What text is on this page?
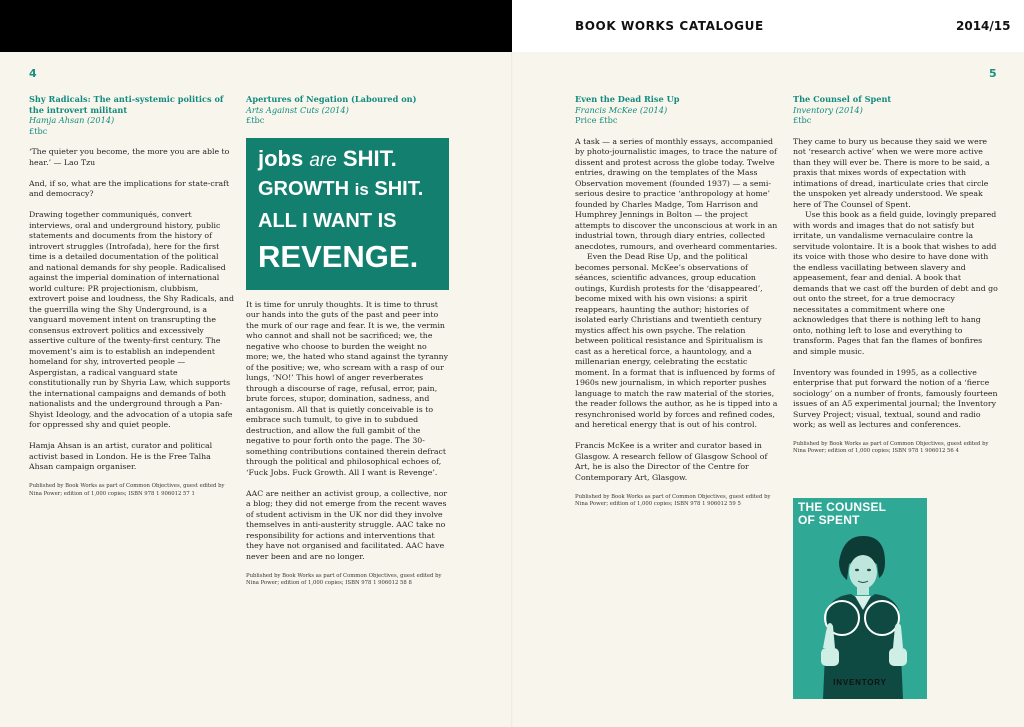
BOOK WORKS CATALOGUE	2014/15
4	5
Shy Radicals: The anti-systemic politics of the introvert militant
Hamja Ahsan (2014)
£tbc

‘The quieter you become, the more you are able to hear.’ — Lao Tzu

And, if so, what are the implications for state-craft and democracy?

Drawing together communiqués, convert interviews, oral and underground history, public statements and documents from the history of introvert struggles (Introfada), here for the first time is a detailed documentation of the political and national demands for shy people. Radicalised against the imperial domination of international world culture: PR projectionism, clubbism, extrovert poise and loudness, the Shy Radicals, and the guerrilla wing the Shy Underground, is a vanguard movement intent on transrupting the consensus extrovert politics and excessively assertive culture of the twenty-first century. The movement’s aim is to establish an independent homeland for shy, introverted people — Aspergistan, a radical vanguard state constitutionally run by Shyria Law, which supports the international campaigns and demands of both nationalists and the underground through a Pan-Shyist Ideology, and the advocation of a utopia safe for oppressed shy and quiet people.

Hamja Ahsan is an artist, curator and political activist based in London. He is the Free Talha Ahsan campaign organiser.

Published by Book Works as part of Common Objectives, guest edited by Nina Power; edition of 1,000 copies; ISBN 978 1 906012 57 1
Apertures of Negation (Laboured on)
Arts Against Cuts (2014)
£tbc
jobs are SHIT.
GROWTH is SHIT.
ALL I WANT IS
REVENGE.

It is time for unruly thoughts. It is time to thrust our hands into the guts of the past and peer into the murk of our rage and fear. It is we, the vermin who cannot and shall not be sacrificed; we, the negative who choose to burden the weight no more; we, the hated who stand against the tyranny of the positive; we, who scream with a rasp of our lungs, ‘NO!’ This howl of anger reverberates through a discourse of rage, refusal, error, pain, brute forces, stupor, domination, sadness, and antagonism. All that is quietly conceivable is to embrace such tumult, to give in to subdued destruction, and allow the full gambit of the negative to pour forth onto the page. The 30-something contributions contained therein defract through the political and philosophical echoes of, ‘Fuck Jobs. Fuck Growth. All I want is Revenge’.

AAC are neither an activist group, a collective, nor a blog; they did not emerge from the recent waves of student activism in the UK nor did they involve themselves in anti-austerity struggle. AAC take no responsibility for actions and interventions that they have not organised and facilitated. AAC have never been and are no longer.

Published by Book Works as part of Common Objectives, guest edited by Nina Power; edition of 1,000 copies; ISBN 978 1 906012 58 8
Even the Dead Rise Up
Francis McKee (2014)
Price £tbc

A task — a series of monthly essays, accompanied by photo-journalistic images, to trace the nature of dissent and protest across the globe today. Twelve entries, drawing on the templates of the Mass Observation movement (founded 1937) — a semi-serious desire to practice ‘anthropology at home’ founded by Charles Madge, Tom Harrison and Humphrey Jennings in Bolton — the project attempts to discover the unconscious at work in an industrial town, through diary entries, collected anecdotes, rumours, and overheard commentaries.

Even the Dead Rise Up, and the political becomes personal. McKee’s observations of séances, scientific advances, group education outings, Kurdish protests for the ‘disappeared’, become mixed with his own visions: a spirit reappears, haunting the author; histories of isolated early Christians and twentieth century mystics affect his own psyche. The relation between political resistance and Spiritualism is cast as a heretical force, a hauntology, and a millenarian energy, celebrating the ecstatic moment. In a format that is influenced by forms of 1960s new journalism, in which reporter pushes language to match the raw material of the stories, the reader follows the author, as he is tipped into a resynchronised world by forces and refined codes, and heretical energy that is out of his control.

Francis McKee is a writer and curator based in Glasgow. A research fellow of Glasgow School of Art, he is also the Director of the Centre for Contemporary Art, Glasgow.

Published by Book Works as part of Common Objectives, guest edited by Nina Power; edition of 1,000 copies; ISBN 978 1 906012 59 5
The Counsel of Spent
Inventory (2014)
£tbc

They came to bury us because they said we were not ‘research active’ when we were more active than they will ever be. There is more to be said, a praxis that mixes words of expectation with intimations of dread, inarticulate cries that circle the unspoken yet already understood. We speak here of The Counsel of Spent.

Use this book as a field guide, lovingly prepared with words and images that do not satisfy but irritate, un vandalisme vernaculaire contre la servitude volontaire. It is a book that wishes to add its voice with those who desire to have done with the endless vacillating between slavery and appeasement, fear and denial. A book that demands that we cast off the burden of debt and go out onto the street, for a true democracy necessitates a commitment where one acknowledges that there is nothing left to hang onto, nothing left to lose and everything to transform. Pages that fan the flames of bonfires and simple music.

Inventory was founded in 1995, as a collective enterprise that put forward the notion of a ‘fierce sociology’ on a number of fronts, famously fourteen issues of an A5 experimental journal; the Inventory Survey Project; visual, textual, sound and radio work; as well as lectures and conferences.

Published by Book Works as part of Common Objectives, guest edited by Nina Power; edition of 1,000 copies; ISBN 978 1 906012 56 4
THE COUNSEL
OF SPENT
INVENTORY
